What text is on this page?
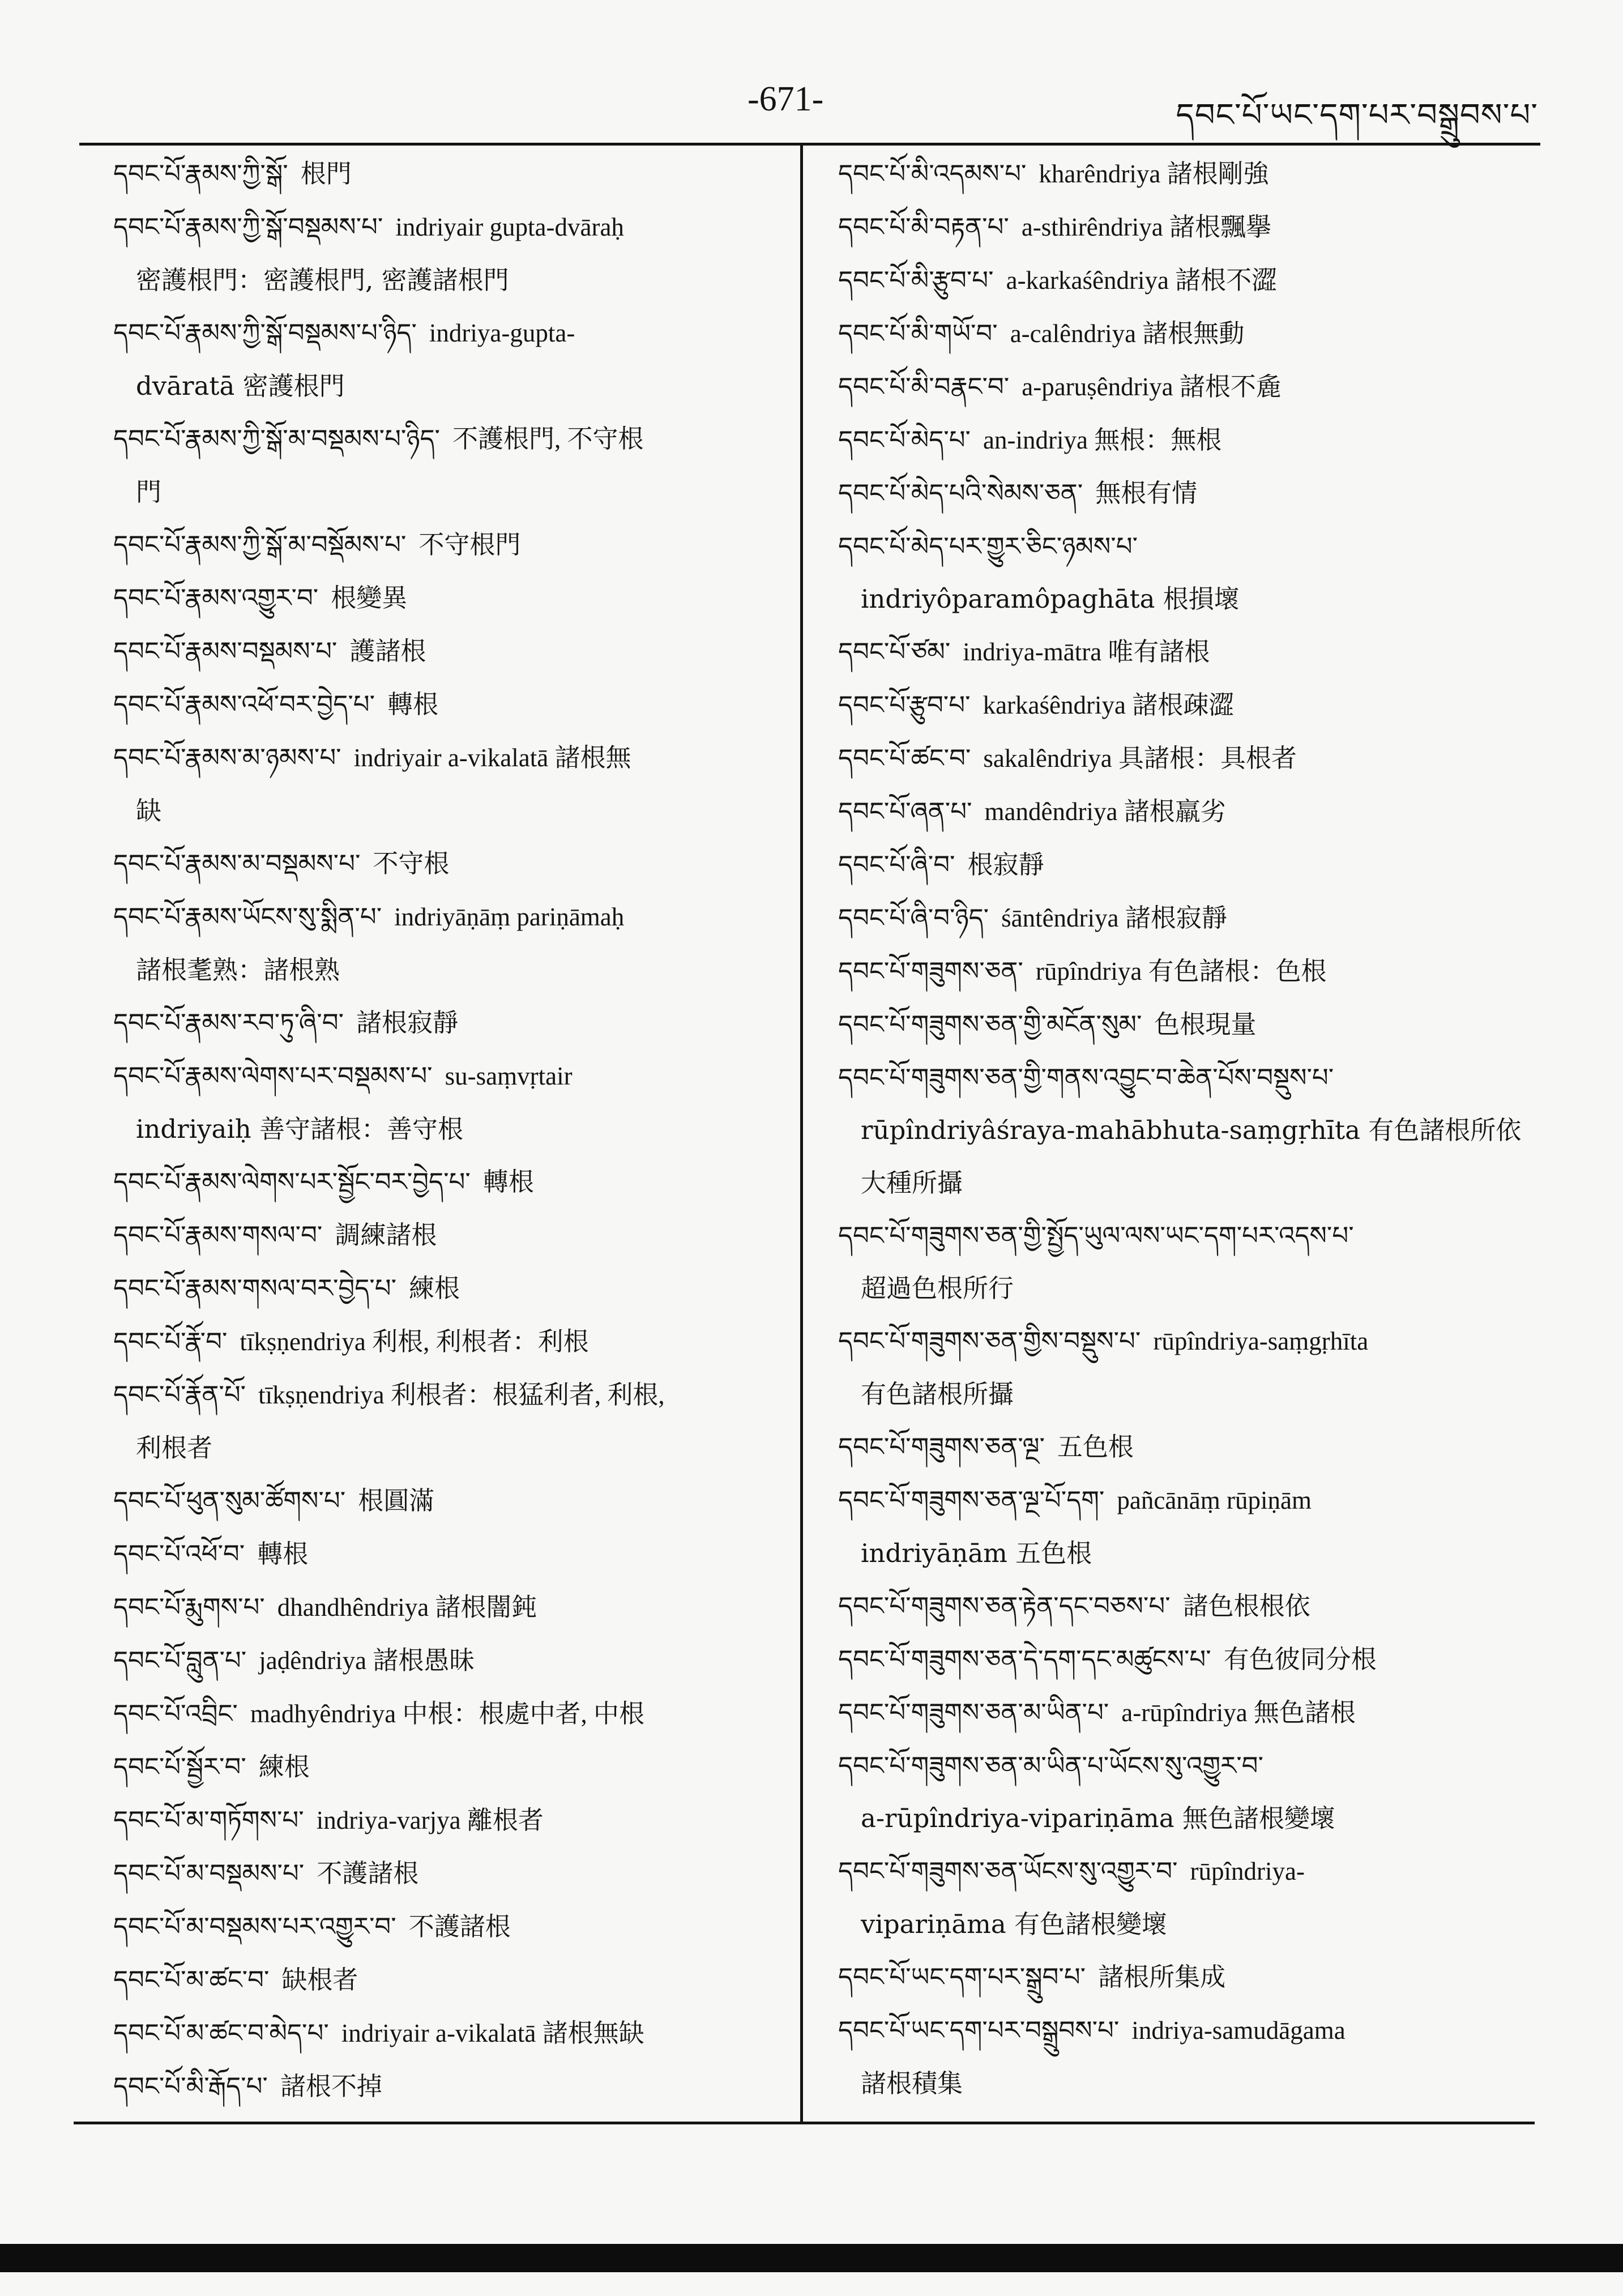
-671-	དབང་པོ་ཡང་དག་པར་བསྒྲུབས་པ་
དབང་པོ་རྣམས་ཀྱི་སྒོ་ 根門
དབང་པོ་རྣམས་ཀྱི་སྒོ་བསྡམས་པ་ indriyair gupta-dvāraḥ
密護根門：密護根門, 密護諸根門
དབང་པོ་རྣམས་ཀྱི་སྒོ་བསྡམས་པ་ཉིད་ indriya-gupta-
dvāratā 密護根門
དབང་པོ་རྣམས་ཀྱི་སྒོ་མ་བསྡམས་པ་ཉིད་ 不護根門, 不守根
門
དབང་པོ་རྣམས་ཀྱི་སྒོ་མ་བསྡོམས་པ་ 不守根門
དབང་པོ་རྣམས་འགྱུར་བ་ 根變異
དབང་པོ་རྣམས་བསྡམས་པ་ 護諸根
དབང་པོ་རྣམས་འཕོ་བར་བྱེད་པ་ 轉根
དབང་པོ་རྣམས་མ་ཉམས་པ་ indriyair a-vikalatā 諸根無
缺
དབང་པོ་རྣམས་མ་བསྡམས་པ་ 不守根
དབང་པོ་རྣམས་ཡོངས་སུ་སྨིན་པ་ indriyāṇāṃ pariṇāmaḥ
諸根耄熟：諸根熟
དབང་པོ་རྣམས་རབ་ཏུ་ཞི་བ་ 諸根寂靜
དབང་པོ་རྣམས་ལེགས་པར་བསྡམས་པ་ su-saṃvṛtair
indriyaiḥ 善守諸根：善守根
དབང་པོ་རྣམས་ལེགས་པར་སྦྱོང་བར་བྱེད་པ་ 轉根
དབང་པོ་རྣམས་གསལ་བ་ 調練諸根
དབང་པོ་རྣམས་གསལ་བར་བྱེད་པ་ 練根
དབང་པོ་རྣོ་བ་ tīkṣṇendriya 利根, 利根者：利根
དབང་པོ་རྣོན་པོ་ tīkṣṇendriya 利根者：根猛利者, 利根,
利根者
དབང་པོ་ཕུན་སུམ་ཚོགས་པ་ 根圓滿
དབང་པོ་འཕོ་བ་ 轉根
དབང་པོ་རྨུགས་པ་ dhandhêndriya 諸根闇鈍
དབང་པོ་བླུན་པ་ jaḍêndriya 諸根愚昧
དབང་པོ་འབྲིང་ madhyêndriya 中根：根處中者, 中根
དབང་པོ་སྦྱོར་བ་ 練根
དབང་པོ་མ་གཏོགས་པ་ indriya-varjya 離根者
དབང་པོ་མ་བསྡམས་པ་ 不護諸根
དབང་པོ་མ་བསྡམས་པར་འགྱུར་བ་ 不護諸根
དབང་པོ་མ་ཚང་བ་ 缺根者
དབང་པོ་མ་ཚང་བ་མེད་པ་ indriyair a-vikalatā 諸根無缺
དབང་པོ་མི་རྒོད་པ་ 諸根不掉
དབང་པོ་མི་འདམས་པ་ kharêndriya 諸根剛強
དབང་པོ་མི་བརྟན་པ་ a-sthirêndriya 諸根飄擧
དབང་པོ་མི་རྩུབ་པ་ a-karkaśêndriya 諸根不澀
དབང་པོ་མི་གཡོ་བ་ a-calêndriya 諸根無動
དབང་པོ་མི་བརྣང་བ་ a-paruṣêndriya 諸根不麁
དབང་པོ་མེད་པ་ an-indriya 無根：無根
དབང་པོ་མེད་པའི་སེམས་ཅན་ 無根有情
དབང་པོ་མེད་པར་གྱུར་ཅིང་ཉམས་པ་
indriyôparamôpaghāta 根損壞
དབང་པོ་ཙམ་ indriya-mātra 唯有諸根
དབང་པོ་རྩུབ་པ་ karkaśêndriya 諸根疎澀
དབང་པོ་ཚང་བ་ sakalêndriya 具諸根：具根者
དབང་པོ་ཞན་པ་ mandêndriya 諸根羸劣
དབང་པོ་ཞི་བ་ 根寂靜
དབང་པོ་ཞི་བ་ཉིད་ śāntêndriya 諸根寂靜
དབང་པོ་གཟུགས་ཅན་ rūpîndriya 有色諸根：色根
དབང་པོ་གཟུགས་ཅན་གྱི་མངོན་སུམ་ 色根現量
དབང་པོ་གཟུགས་ཅན་གྱི་གནས་འབྱུང་བ་ཆེན་པོས་བསྡུས་པ་
rūpîndriyâśraya-mahābhuta-saṃgṛhīta 有色諸根所依大種所攝
དབང་པོ་གཟུགས་ཅན་གྱི་སྤྱོད་ཡུལ་ལས་ཡང་དག་པར་འདས་པ་
超過色根所行
དབང་པོ་གཟུགས་ཅན་གྱིས་བསྡུས་པ་ rūpîndriya-saṃgṛhīta
有色諸根所攝
དབང་པོ་གཟུགས་ཅན་ལྔ་ 五色根
དབང་པོ་གཟུགས་ཅན་ལྔ་པོ་དག་ pañcānāṃ rūpiṇām
indriyāṇām 五色根
དབང་པོ་གཟུགས་ཅན་རྟེན་དང་བཅས་པ་ 諸色根根依
དབང་པོ་གཟུགས་ཅན་དེ་དག་དང་མཚུངས་པ་ 有色彼同分根
དབང་པོ་གཟུགས་ཅན་མ་ཡིན་པ་ a-rūpîndriya 無色諸根
དབང་པོ་གཟུགས་ཅན་མ་ཡིན་པ་ཡོངས་སུ་འགྱུར་བ་
a-rūpîndriya-vipariṇāma 無色諸根變壞
དབང་པོ་གཟུགས་ཅན་ཡོངས་སུ་འགྱུར་བ་ rūpîndriya-
vipariṇāma 有色諸根變壞
དབང་པོ་ཡང་དག་པར་སྒྲུབ་པ་ 諸根所集成
དབང་པོ་ཡང་དག་པར་བསྒྲུབས་པ་ indriya-samudāgama
諸根積集
